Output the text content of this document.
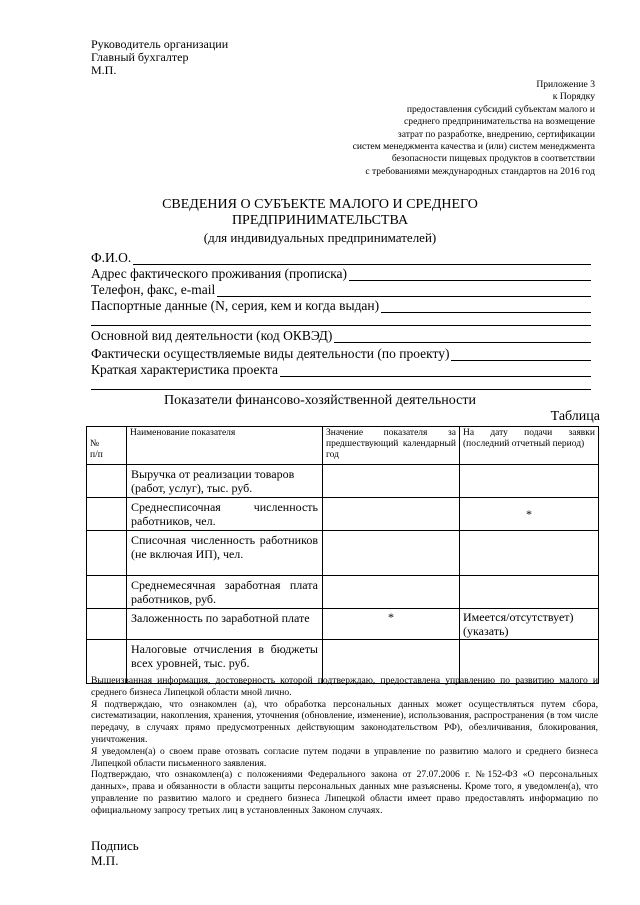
Руководитель организации
Главный бухгалтер
М.П.
Приложение 3
к Порядку
предоставления субсидий субъектам малого и
среднего предпринимательства на возмещение
затрат по разработке, внедрению, сертификации
систем менеджмента качества и (или) систем менеджмента
безопасности пищевых продуктов в соответствии
с требованиями международных стандартов на 2016 год
СВЕДЕНИЯ О СУБЪЕКТЕ МАЛОГО И СРЕДНЕГО
ПРЕДПРИНИМАТЕЛЬСТВА
(для индивидуальных предпринимателей)
Ф.И.О.
Адрес фактического проживания (прописка)
Телефон, факс, e-mail
Паспортные данные (N, серия, кем и когда выдан)
Основной вид деятельности (код ОКВЭД)
Фактически осуществляемые виды деятельности (по проекту)
Краткая характеристика проекта
Показатели финансово-хозяйственной деятельности
Таблица
№
п/п	Наименование показателя	Значение показателя за предшествующий календарный год	На дату подачи заявки (последний отчетный период)
	Выручка от реализации товаров (работ, услуг), тыс. руб.		
	Среднесписочная численность работников, чел.		*
	Списочная численность работников (не включая ИП), чел.		
	Среднемесячная заработная плата работников, руб.		
	Заложенность по заработной плате	*	Имеется/отсутствует) (указать)
	Налоговые отчисления в бюджеты всех уровней, тыс. руб.		

Вышеизванная информация, достоверность которой подтверждаю, предоставлена управлению по развитию малого и среднего бизнеса Липецкой области мной лично.

Я подтверждаю, что ознакомлен (а), что обработка персональных данных может осуществляться путем сбора, систематизации, накопления, хранения, уточнения (обновление, изменение), использования, распространения (в том числе передачу, в случаях прямо предусмотренных действующим законодательством РФ), обезличивания, блокирования, уничтожения.

Я уведомлен(а) о своем праве отозвать согласие путем подачи в управление по развитию малого и среднего бизнеса Липецкой области письменного заявления.

Подтверждаю, что ознакомлен(а) с положениями Федерального закона от 27.07.2006 г. №152-ФЗ «О персональных данных», права и обязанности в области защиты персональных данных мне разъяснены. Кроме того, я уведомлен(а), что управление по развитию малого и среднего бизнеса Липецкой области имеет право предоставлять информацию по официальному запросу третьих лиц в установленных Законом случаях.

Подпись
М.П.
